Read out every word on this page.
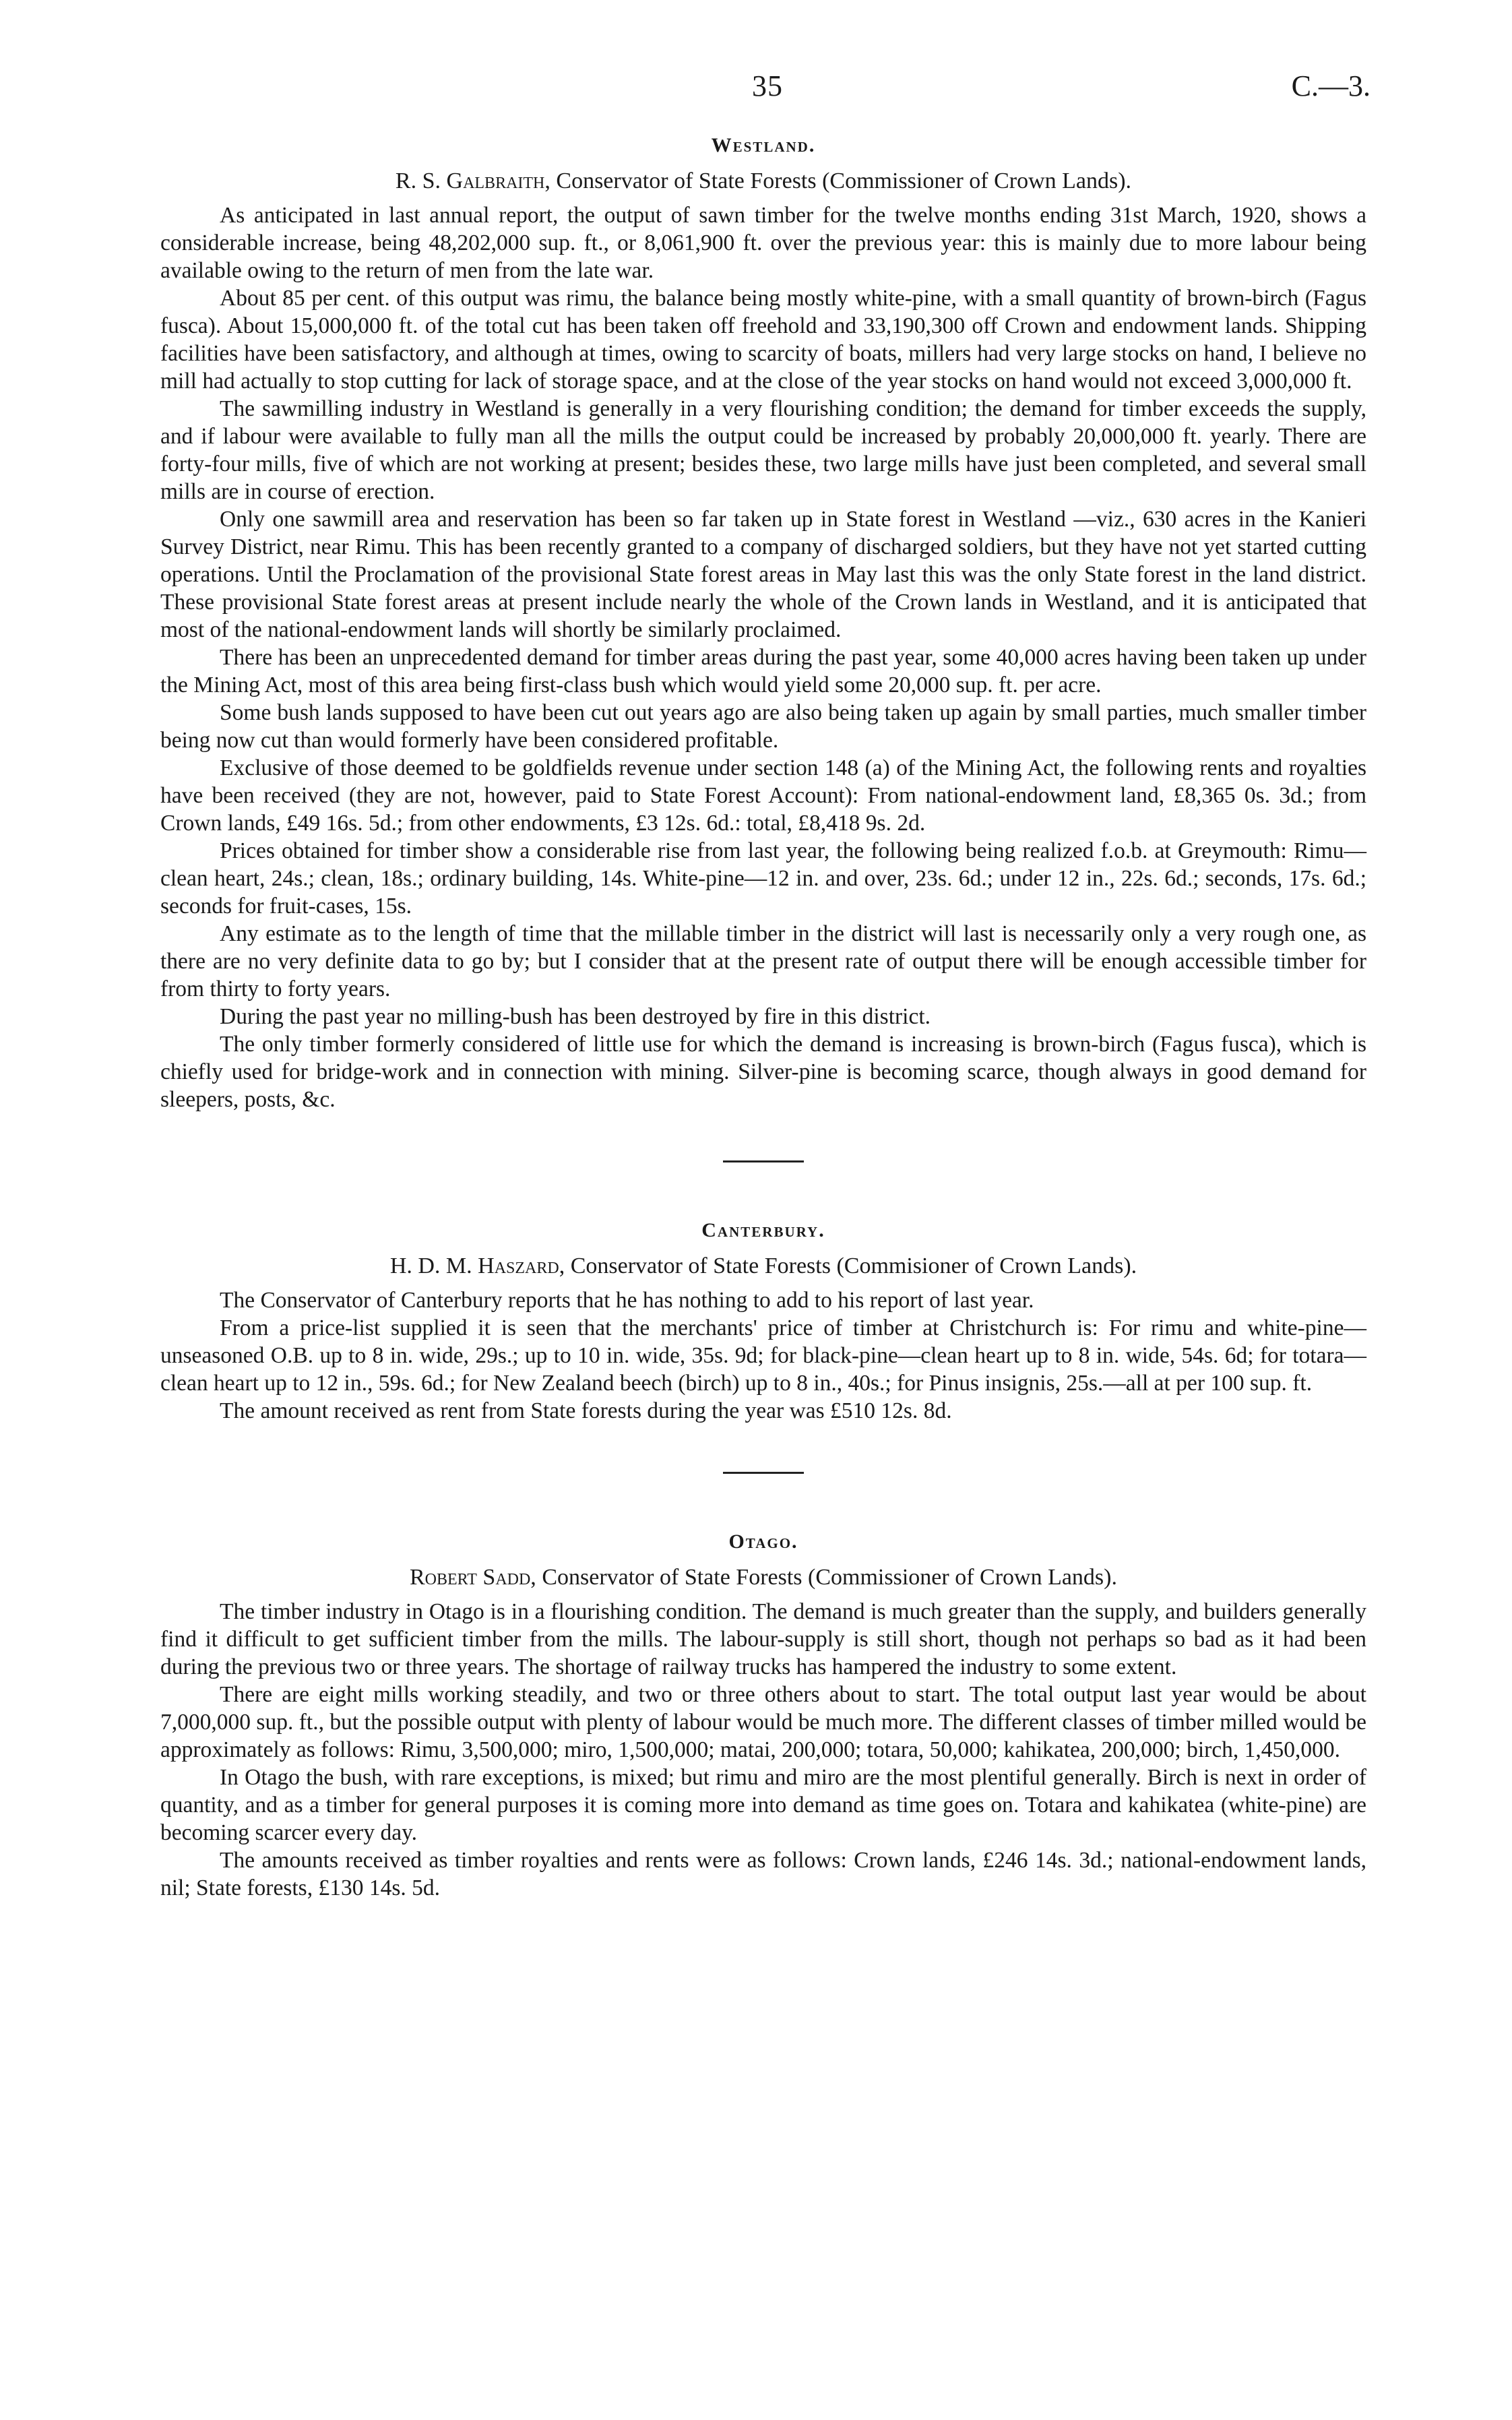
35	C.—3.
Westland.

R. S. Galbraith, Conservator of State Forests (Commissioner of Crown Lands).

As anticipated in last annual report, the output of sawn timber for the twelve months ending 31st March, 1920, shows a considerable increase, being 48,202,000 sup. ft., or 8,061,900 ft. over the previous year: this is mainly due to more labour being available owing to the return of men from the late war.

About 85 per cent. of this output was rimu, the balance being mostly white-pine, with a small quantity of brown-birch (Fagus fusca). About 15,000,000 ft. of the total cut has been taken off freehold and 33,190,300 off Crown and endowment lands. Shipping facilities have been satisfactory, and although at times, owing to scarcity of boats, millers had very large stocks on hand, I believe no mill had actually to stop cutting for lack of storage space, and at the close of the year stocks on hand would not exceed 3,000,000 ft.

The sawmilling industry in Westland is generally in a very flourishing condition; the demand for timber exceeds the supply, and if labour were available to fully man all the mills the output could be increased by probably 20,000,000 ft. yearly. There are forty-four mills, five of which are not working at present; besides these, two large mills have just been completed, and several small mills are in course of erection.

Only one sawmill area and reservation has been so far taken up in State forest in Westland —viz., 630 acres in the Kanieri Survey District, near Rimu. This has been recently granted to a company of discharged soldiers, but they have not yet started cutting operations. Until the Proclamation of the provisional State forest areas in May last this was the only State forest in the land district. These provisional State forest areas at present include nearly the whole of the Crown lands in Westland, and it is anticipated that most of the national-endowment lands will shortly be similarly proclaimed.

There has been an unprecedented demand for timber areas during the past year, some 40,000 acres having been taken up under the Mining Act, most of this area being first-class bush which would yield some 20,000 sup. ft. per acre.

Some bush lands supposed to have been cut out years ago are also being taken up again by small parties, much smaller timber being now cut than would formerly have been considered profitable.

Exclusive of those deemed to be goldfields revenue under section 148 (a) of the Mining Act, the following rents and royalties have been received (they are not, however, paid to State Forest Account): From national-endowment land, £8,365 0s. 3d.; from Crown lands, £49 16s. 5d.; from other endowments, £3 12s. 6d.: total, £8,418 9s. 2d.

Prices obtained for timber show a considerable rise from last year, the following being realized f.o.b. at Greymouth: Rimu—clean heart, 24s.; clean, 18s.; ordinary building, 14s. White-pine—12 in. and over, 23s. 6d.; under 12 in., 22s. 6d.; seconds, 17s. 6d.; seconds for fruit-cases, 15s.

Any estimate as to the length of time that the millable timber in the district will last is necessarily only a very rough one, as there are no very definite data to go by; but I consider that at the present rate of output there will be enough accessible timber for from thirty to forty years.

During the past year no milling-bush has been destroyed by fire in this district.

The only timber formerly considered of little use for which the demand is increasing is brown-birch (Fagus fusca), which is chiefly used for bridge-work and in connection with mining. Silver-pine is becoming scarce, though always in good demand for sleepers, posts, &c.

Canterbury.

H. D. M. Haszard, Conservator of State Forests (Commisioner of Crown Lands).

The Conservator of Canterbury reports that he has nothing to add to his report of last year.

From a price-list supplied it is seen that the merchants' price of timber at Christchurch is: For rimu and white-pine—unseasoned O.B. up to 8 in. wide, 29s.; up to 10 in. wide, 35s. 9d; for black-pine—clean heart up to 8 in. wide, 54s. 6d; for totara—clean heart up to 12 in., 59s. 6d.; for New Zealand beech (birch) up to 8 in., 40s.; for Pinus insignis, 25s.—all at per 100 sup. ft.

The amount received as rent from State forests during the year was £510 12s. 8d.

Otago.

Robert Sadd, Conservator of State Forests (Commissioner of Crown Lands).

The timber industry in Otago is in a flourishing condition. The demand is much greater than the supply, and builders generally find it difficult to get sufficient timber from the mills. The labour-supply is still short, though not perhaps so bad as it had been during the previous two or three years. The shortage of railway trucks has hampered the industry to some extent.

There are eight mills working steadily, and two or three others about to start. The total output last year would be about 7,000,000 sup. ft., but the possible output with plenty of labour would be much more. The different classes of timber milled would be approximately as follows: Rimu, 3,500,000; miro, 1,500,000; matai, 200,000; totara, 50,000; kahikatea, 200,000; birch, 1,450,000.

In Otago the bush, with rare exceptions, is mixed; but rimu and miro are the most plentiful generally. Birch is next in order of quantity, and as a timber for general purposes it is coming more into demand as time goes on. Totara and kahikatea (white-pine) are becoming scarcer every day.

The amounts received as timber royalties and rents were as follows: Crown lands, £246 14s. 3d.; national-endowment lands, nil; State forests, £130 14s. 5d.
